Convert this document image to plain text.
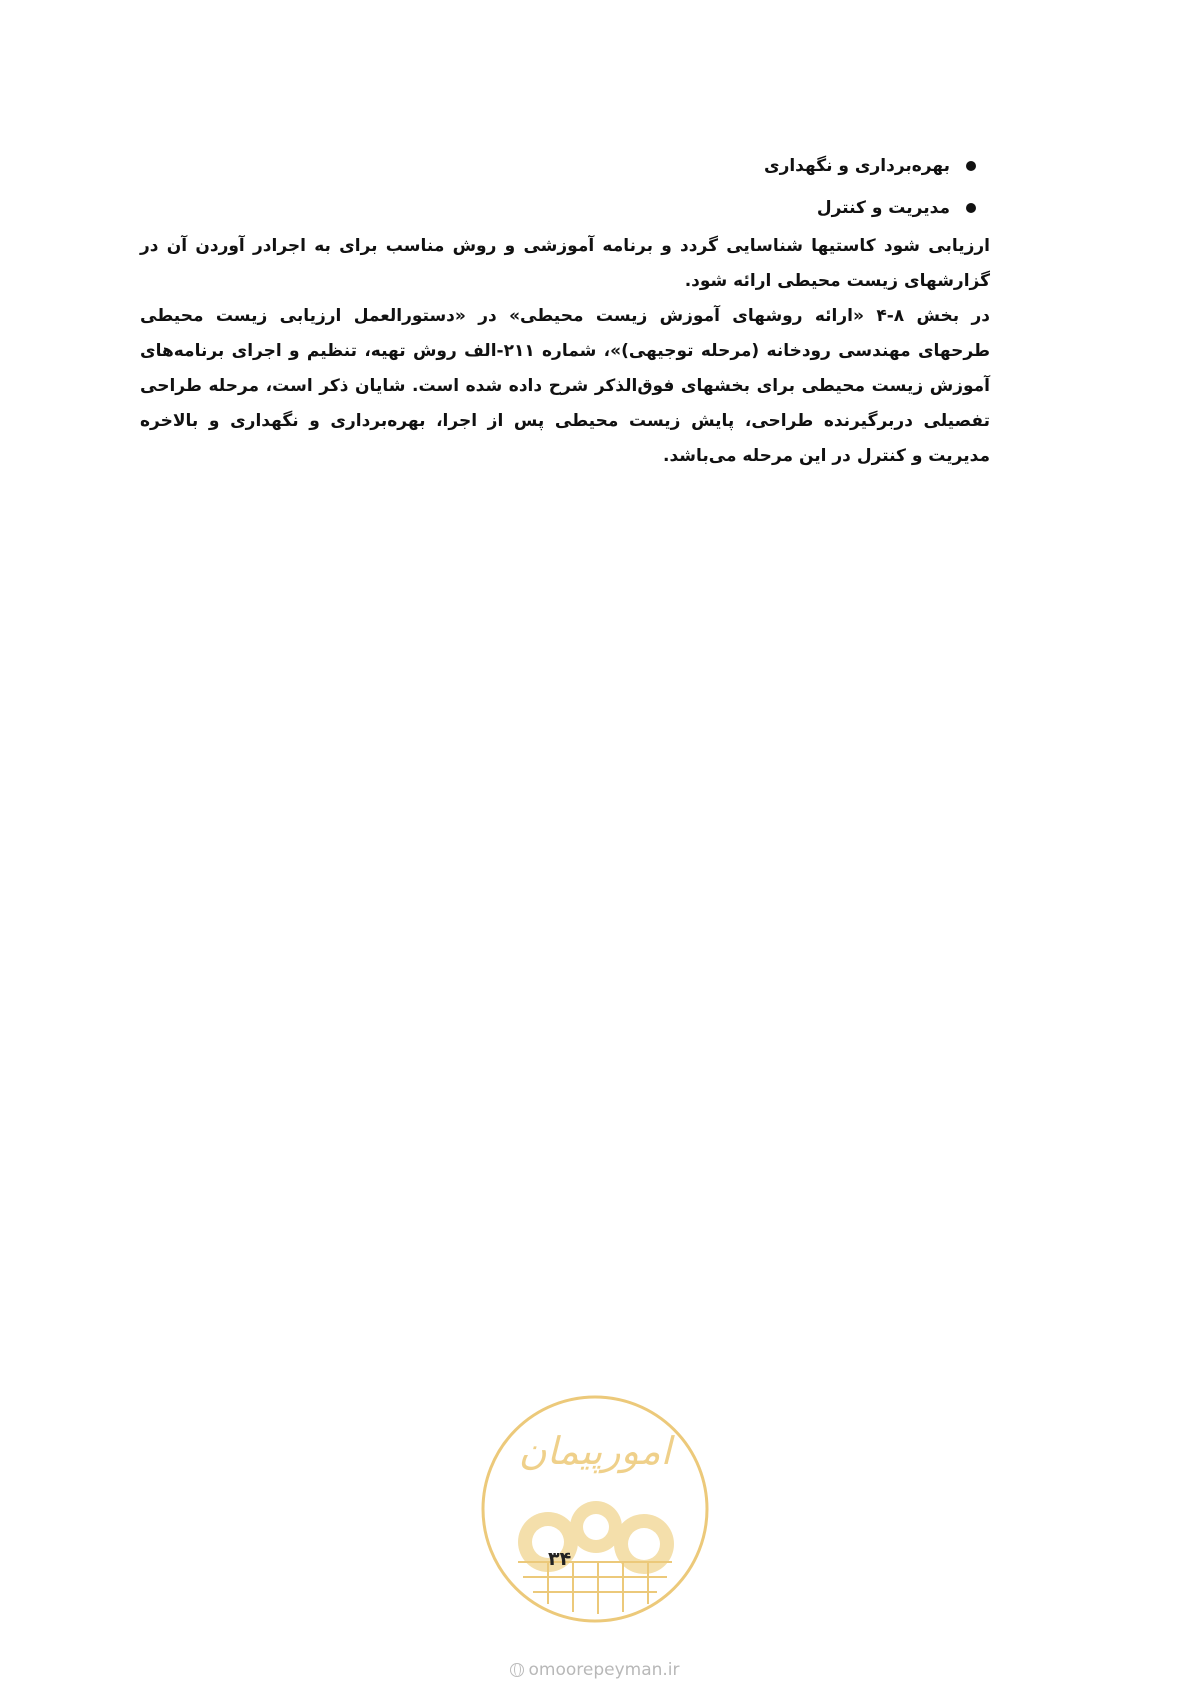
بهره‌برداری و نگهداری
مدیریت و کنترل

ارزیابی شود کاستیها شناسایی گردد و برنامه آموزشی و روش مناسب برای به اجرادر آوردن آن در گزارشهای زیست محیطی ارائه شود.

در بخش ۸-۴ «ارائه روشهای آموزش زیست محیطی» در «دستورالعمل ارزیابی زیست محیطی طرحهای مهندسی رودخانه (مرحله توجیهی)»، شماره ۲۱۱-الف روش تهیه، تنظیم و اجرای برنامه‌های آموزش زیست محیطی برای بخشهای فوق‌الذکر شرح داده شده است. شایان ذکر است، مرحله طراحی تفصیلی دربرگیرنده طراحی، پایش زیست محیطی پس از اجرا، بهره‌برداری و نگهداری و بالاخره مدیریت و کنترل در این مرحله می‌باشد.

امورپیمان
۳۴
omoorepeyman.ir
